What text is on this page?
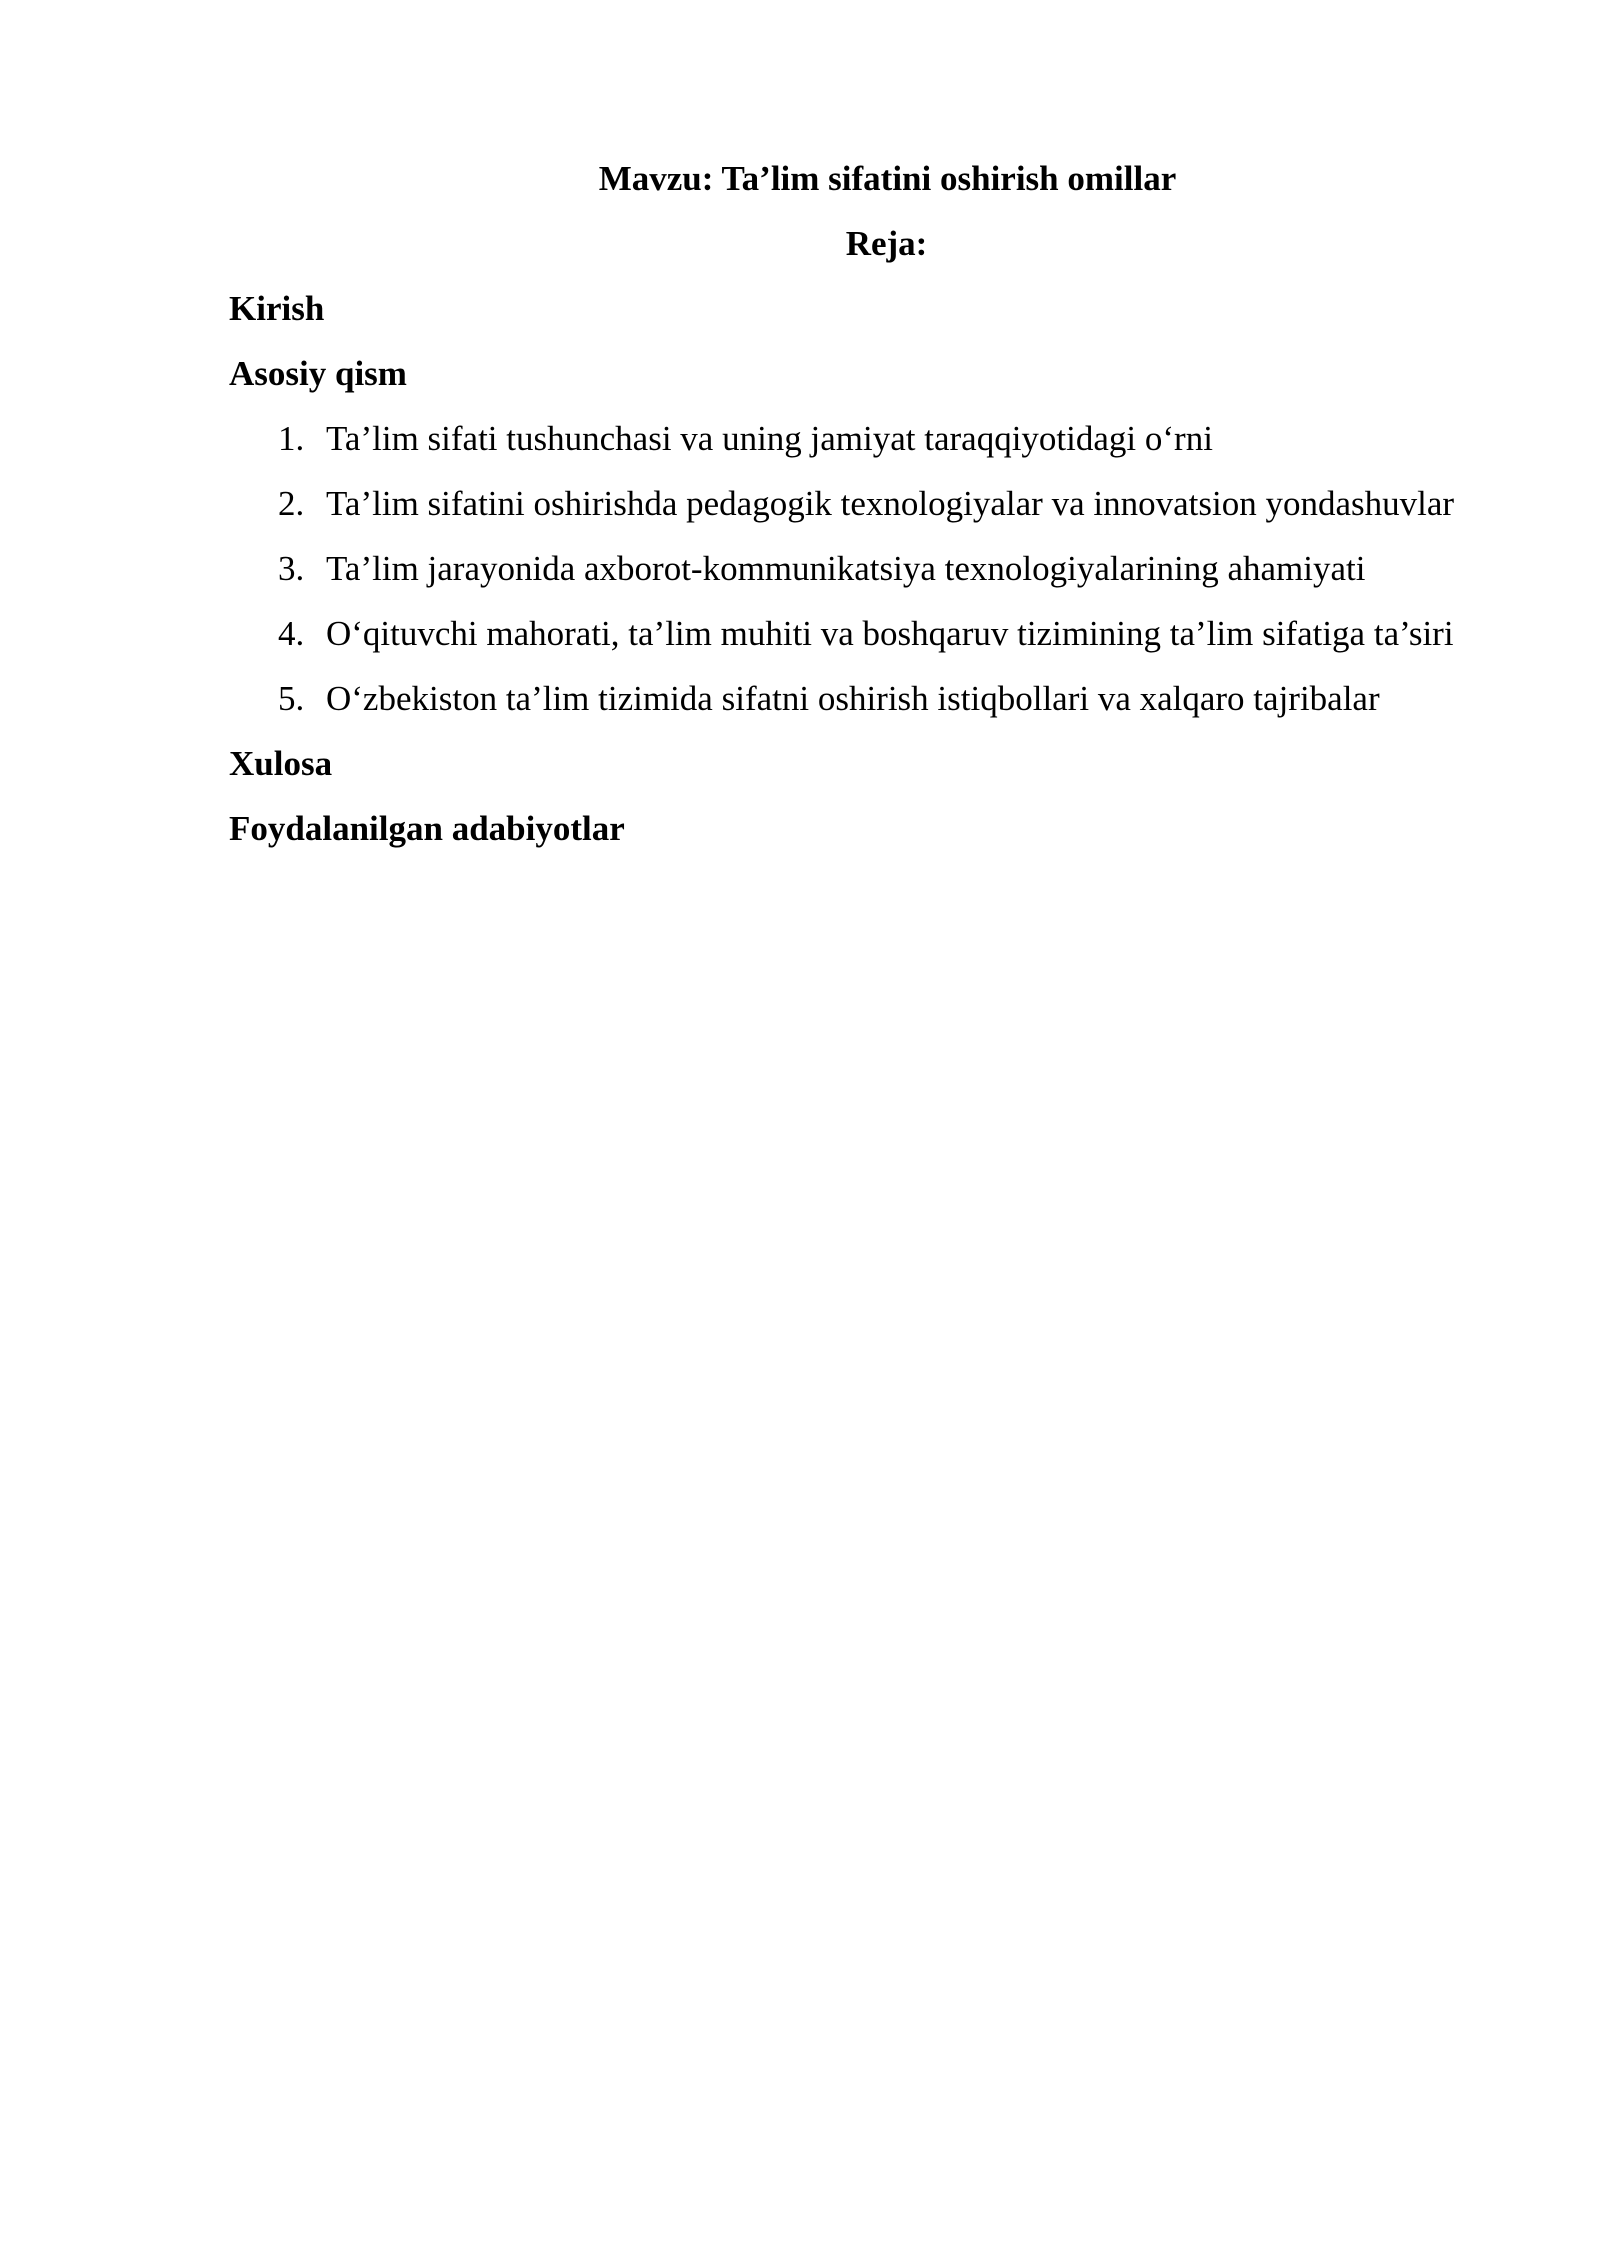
Mavzu: Ta’lim sifatini oshirish omillar

Reja:

Kirish

Asosiy qism

1. Ta’lim sifati tushunchasi va uning jamiyat taraqqiyotidagi o‘rni
2. Ta’lim sifatini oshirishda pedagogik texnologiyalar va innovatsion yondashuvlar
3. Ta’lim jarayonida axborot-kommunikatsiya texnologiyalarining ahamiyati
4. O‘qituvchi mahorati, ta’lim muhiti va boshqaruv tizimining ta’lim sifatiga ta’siri
5. O‘zbekiston ta’lim tizimida sifatni oshirish istiqbollari va xalqaro tajribalar

Xulosa

Foydalanilgan adabiyotlar
